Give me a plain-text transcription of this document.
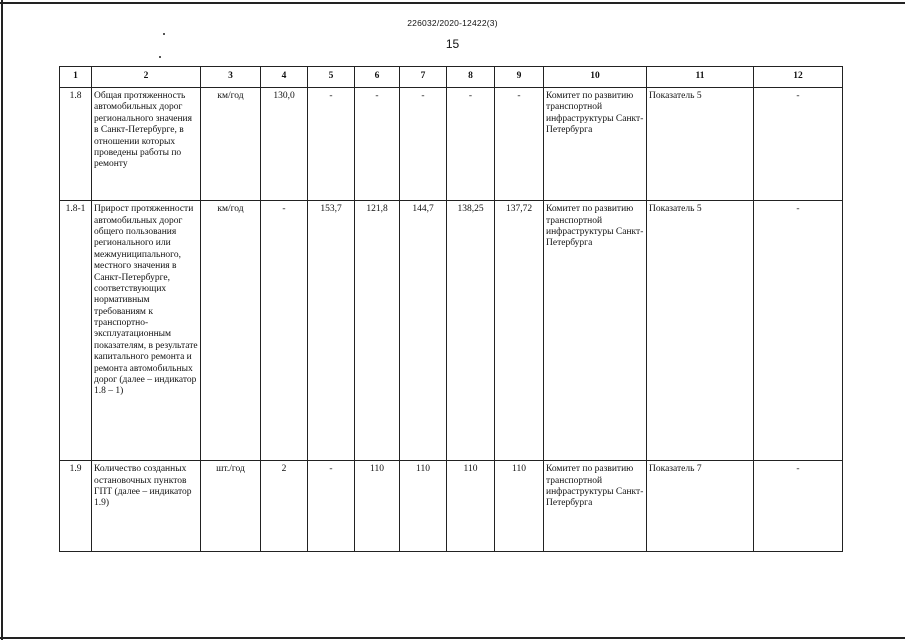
226032/2020-12422(3)
15
1	2	3	4	5	6	7	8	9	10	11	12
1.8	Общая протяженность автомобильных дорог регионального значения в Санкт-Петербурге, в отношении которых проведены работы по ремонту	км/год	130,0	-	-	-	-	-	Комитет по развитию транспортной инфраструктуры Санкт-Петербурга	Показатель 5	-
1.8-1	Прирост протяженности автомобильных дорог общего пользования регионального или межмуниципального, местного значения в Санкт-Петербурге, соответствующих нормативным требованиям к транспортно-эксплуатационным показателям, в результате капитального ремонта и ремонта автомобильных дорог (далее – индикатор 1.8 – 1)	км/год	-	153,7	121,8	144,7	138,25	137,72	Комитет по развитию транспортной инфраструктуры Санкт-Петербурга	Показатель 5	-
1.9	Количество созданных остановочных пунктов ГПТ (далее – индикатор 1.9)	шт./год	2	-	110	110	110	110	Комитет по развитию транспортной инфраструктуры Санкт-Петербурга	Показатель 7	-
